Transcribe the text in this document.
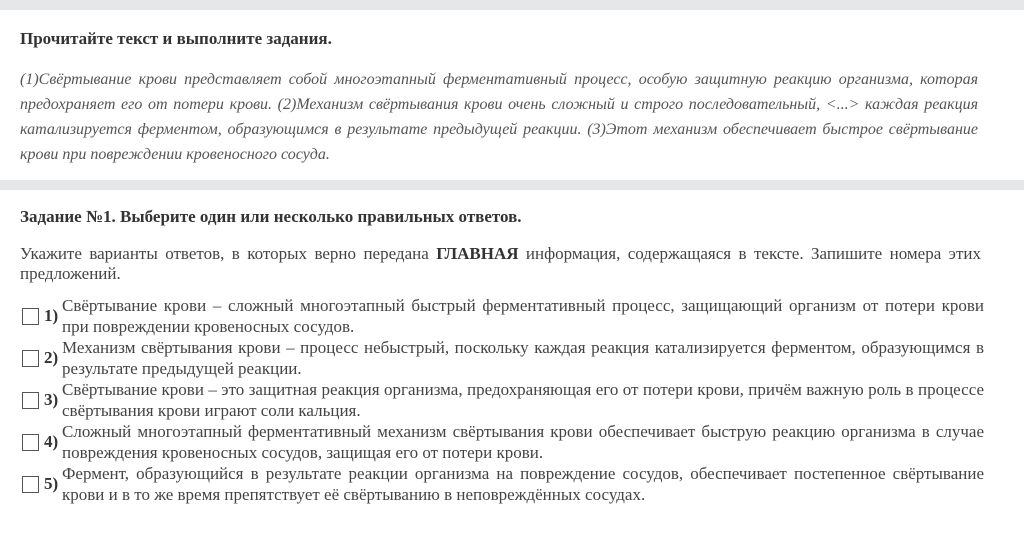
Прочитайте текст и выполните задания.

(1)Свёртывание крови представляет собой многоэтапный ферментативный процесс, особую защитную реакцию организма, которая предохраняет его от потери крови. (2)Механизм свёртывания крови очень сложный и строго последовательный, <...> каждая реакция катализируется ферментом, образующимся в результате предыдущей реакции. (3)Этот механизм обеспечивает быстрое свёртывание крови при повреждении кровеносного сосуда.

Задание №1. Выберите один или несколько правильных ответов.

Укажите варианты ответов, в которых верно передана ГЛАВНАЯ информация, содержащаяся в тексте. Запишите номера этих предложений.

1)
Свёртывание крови – сложный многоэтапный быстрый ферментативный процесс, защищающий организм от потери крови при повреждении кровеносных сосудов.
2)
Механизм свёртывания крови – процесс небыстрый, поскольку каждая реакция катализируется ферментом, образующимся в результате предыдущей реакции.
3)
Свёртывание крови – это защитная реакция организма, предохраняющая его от потери крови, причём важную роль в процессе свёртывания крови играют соли кальция.
4)
Сложный многоэтапный ферментативный механизм свёртывания крови обеспечивает быструю реакцию организма в случае повреждения кровеносных сосудов, защищая его от потери крови.
5)
Фермент, образующийся в результате реакции организма на повреждение сосудов, обеспечивает постепенное свёртывание крови и в то же время препятствует её свёртыванию в неповреждённых сосудах.
